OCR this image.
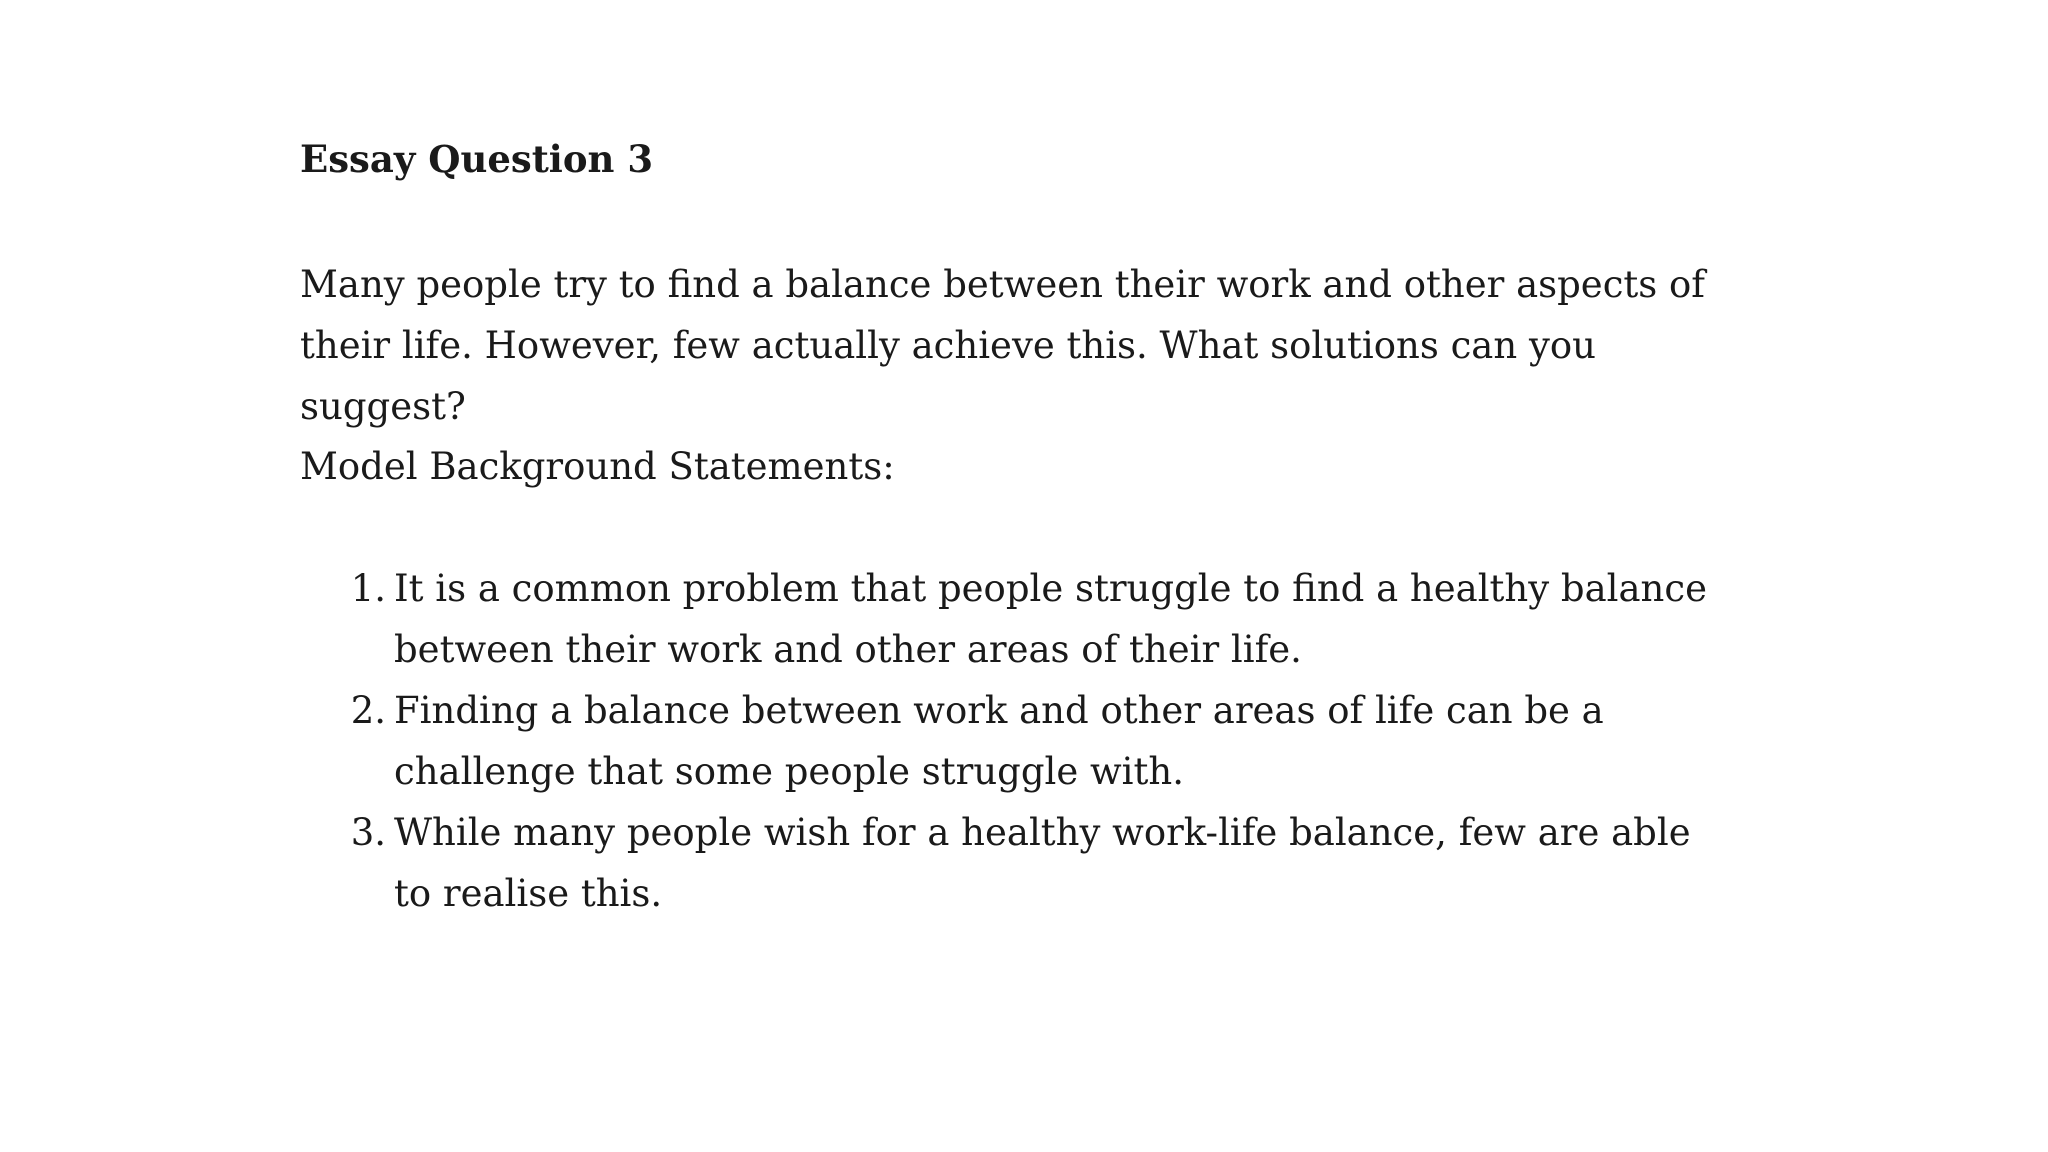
Essay Question 3

Many people try to find a balance between their work and other aspects of their life. However, few actually achieve this. What solutions can you suggest?

Model Background Statements:

1. It is a common problem that people struggle to find a healthy balance between their work and other areas of their life.
2. Finding a balance between work and other areas of life can be a challenge that some people struggle with.
3. While many people wish for a healthy work-life balance, few are able to realise this.
